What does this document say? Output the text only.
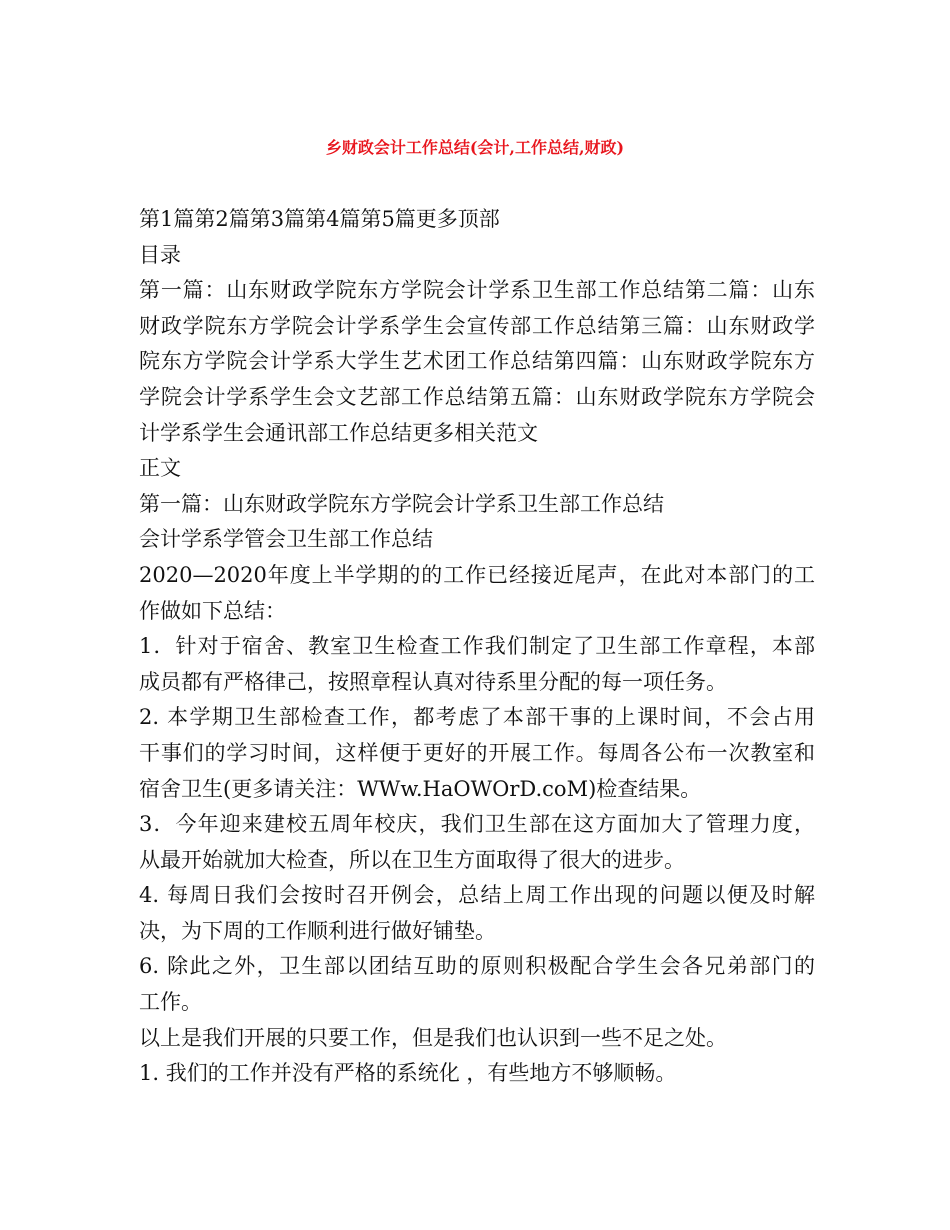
乡财政会计工作总结(会计,工作总结,财政)
第1篇第2篇第3篇第4篇第5篇更多顶部
目录
第一篇：山东财政学院东方学院会计学系卫生部工作总结第二篇：山东
财政学院东方学院会计学系学生会宣传部工作总结第三篇：山东财政学
院东方学院会计学系大学生艺术团工作总结第四篇：山东财政学院东方
学院会计学系学生会文艺部工作总结第五篇：山东财政学院东方学院会
计学系学生会通讯部工作总结更多相关范文
正文
第一篇：山东财政学院东方学院会计学系卫生部工作总结
会计学系学管会卫生部工作总结
2020—2020年度上半学期的的工作已经接近尾声，在此对本部门的工
作做如下总结：
1．针对于宿舍、教室卫生检查工作我们制定了卫生部工作章程，本部
成员都有严格律己，按照章程认真对待系里分配的每一项任务。
2. 本学期卫生部检查工作，都考虑了本部干事的上课时间，不会占用
干事们的学习时间，这样便于更好的开展工作。每周各公布一次教室和
宿舍卫生(更多请关注：WWw.HaOWOrD.coM)检查结果。
3．今年迎来建校五周年校庆，我们卫生部在这方面加大了管理力度，
从最开始就加大检查，所以在卫生方面取得了很大的进步。
4. 每周日我们会按时召开例会，总结上周工作出现的问题以便及时解
决，为下周的工作顺利进行做好铺垫。
6. 除此之外，卫生部以团结互助的原则积极配合学生会各兄弟部门的
工作。
以上是我们开展的只要工作，但是我们也认识到一些不足之处。
1. 我们的工作并没有严格的系统化 ，有些地方不够顺畅。
